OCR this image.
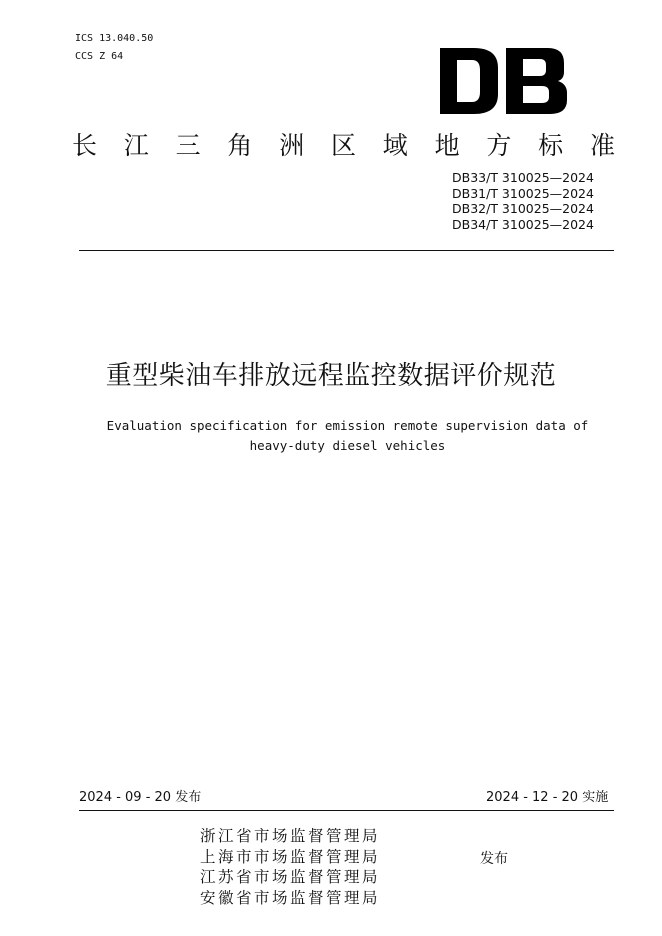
ICS 13.040.50
CCS Z 64
长 江 三 角 洲 区 域 地 方 标 准
DB33/T 310025—2024
DB31/T 310025—2024
DB32/T 310025—2024
DB34/T 310025—2024
重型柴油车排放远程监控数据评价规范
Evaluation specification for emission remote supervision data of
heavy-duty diesel vehicles
2024 - 09 - 20 发布	2024 - 12 - 20 实施
浙江省市场监督管理局
上海市市场监督管理局
江苏省市场监督管理局
安徽省市场监督管理局
发布
